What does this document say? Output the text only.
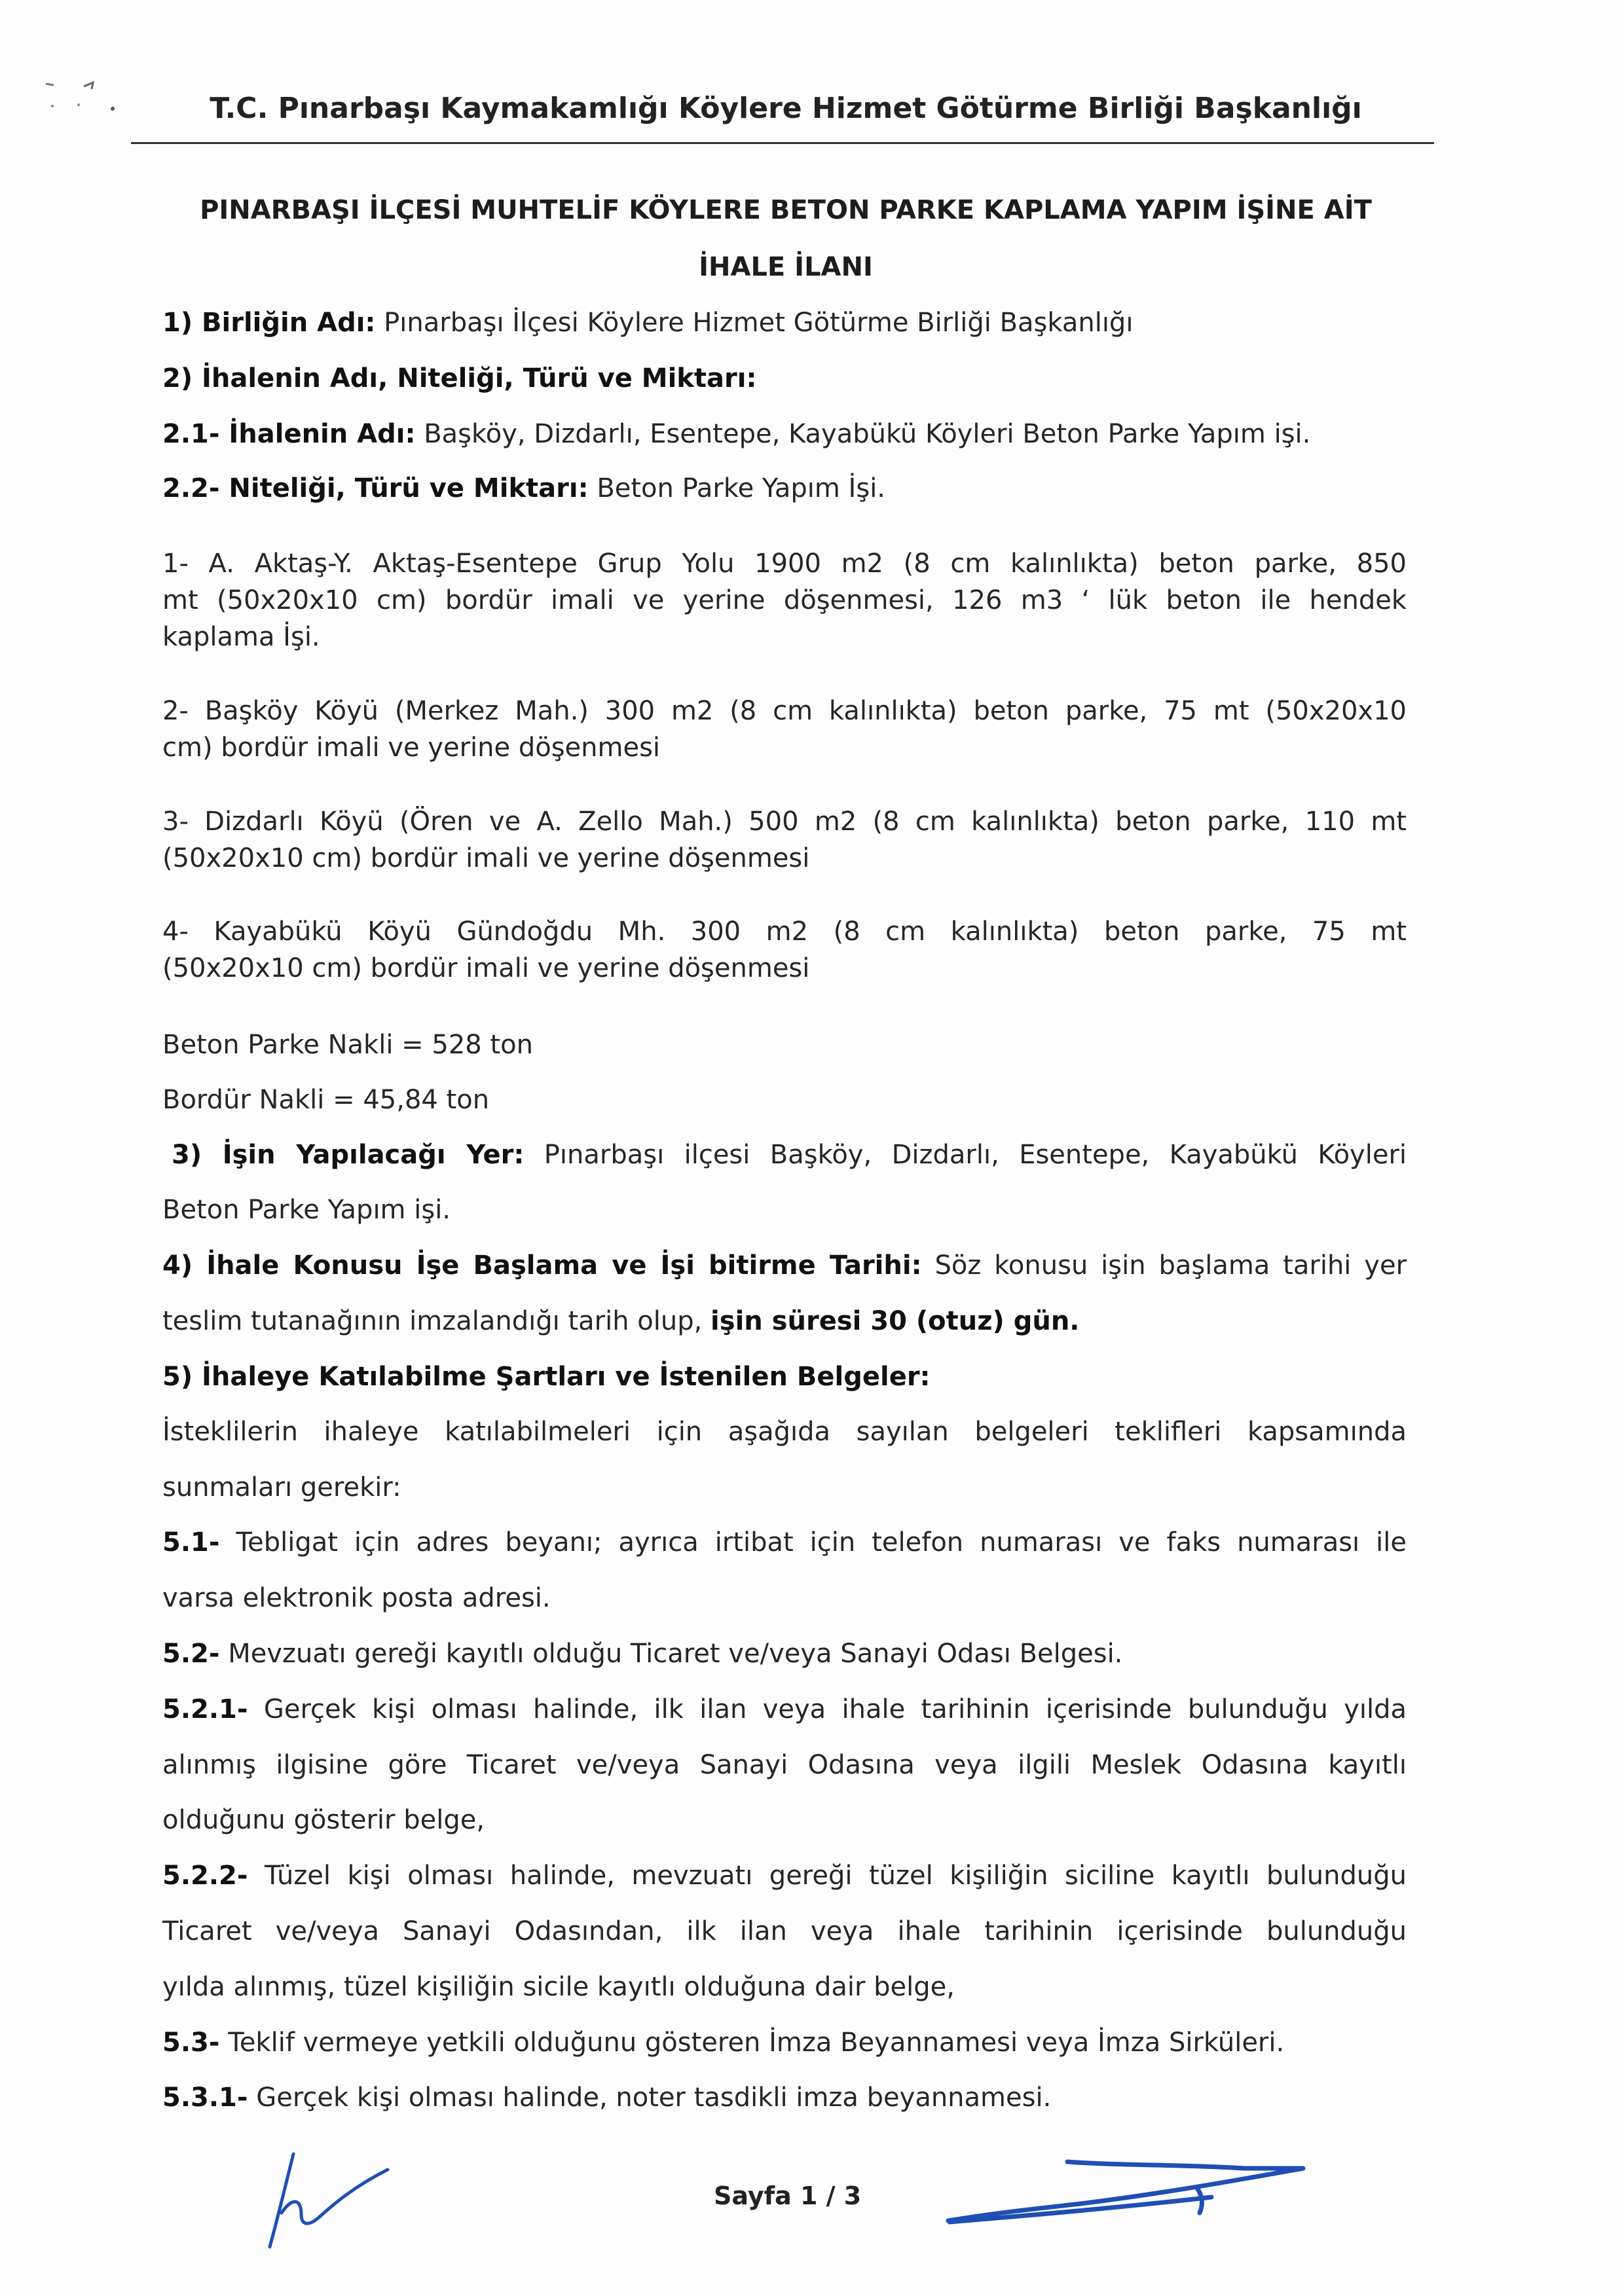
T.C. Pınarbaşı Kaymakamlığı Köylere Hizmet Götürme Birliği Başkanlığı
PINARBAŞI İLÇESİ MUHTELİF KÖYLERE BETON PARKE KAPLAMA YAPIM İŞİNE AİT
İHALE İLANI
1) Birliğin Adı: Pınarbaşı İlçesi Köylere Hizmet Götürme Birliği Başkanlığı
2) İhalenin Adı, Niteliği, Türü ve Miktarı:
2.1- İhalenin Adı: Başköy, Dizdarlı, Esentepe, Kayabükü Köyleri Beton Parke Yapım işi.
2.2- Niteliği, Türü ve Miktarı: Beton Parke Yapım İşi.
1- A. Aktaş-Y. Aktaş-Esentepe Grup Yolu 1900 m2 (8 cm kalınlıkta) beton parke, 850
mt (50x20x10 cm) bordür imali ve yerine döşenmesi, 126 m3 ‘ lük beton ile hendek
kaplama İşi.
2- Başköy Köyü (Merkez Mah.) 300 m2 (8 cm kalınlıkta) beton parke, 75 mt (50x20x10
cm) bordür imali ve yerine döşenmesi
3- Dizdarlı Köyü (Ören ve A. Zello Mah.) 500 m2 (8 cm kalınlıkta) beton parke, 110 mt
(50x20x10 cm) bordür imali ve yerine döşenmesi
4- Kayabükü Köyü Gündoğdu Mh. 300 m2 (8 cm kalınlıkta) beton parke, 75 mt
(50x20x10 cm) bordür imali ve yerine döşenmesi
Beton Parke Nakli = 528 ton
Bordür Nakli = 45,84 ton
3) İşin Yapılacağı Yer: Pınarbaşı ilçesi Başköy, Dizdarlı, Esentepe, Kayabükü Köyleri
Beton Parke Yapım işi.
4) İhale Konusu İşe Başlama ve İşi bitirme Tarihi: Söz konusu işin başlama tarihi yer
teslim tutanağının imzalandığı tarih olup, işin süresi 30 (otuz) gün.
5) İhaleye Katılabilme Şartları ve İstenilen Belgeler:
İsteklilerin ihaleye katılabilmeleri için aşağıda sayılan belgeleri teklifleri kapsamında
sunmaları gerekir:
5.1- Tebligat için adres beyanı; ayrıca irtibat için telefon numarası ve faks numarası ile
varsa elektronik posta adresi.
5.2- Mevzuatı gereği kayıtlı olduğu Ticaret ve/veya Sanayi Odası Belgesi.
5.2.1- Gerçek kişi olması halinde, ilk ilan veya ihale tarihinin içerisinde bulunduğu yılda
alınmış ilgisine göre Ticaret ve/veya Sanayi Odasına veya ilgili Meslek Odasına kayıtlı
olduğunu gösterir belge,
5.2.2- Tüzel kişi olması halinde, mevzuatı gereği tüzel kişiliğin siciline kayıtlı bulunduğu
Ticaret ve/veya Sanayi Odasından, ilk ilan veya ihale tarihinin içerisinde bulunduğu
yılda alınmış, tüzel kişiliğin sicile kayıtlı olduğuna dair belge,
5.3- Teklif vermeye yetkili olduğunu gösteren İmza Beyannamesi veya İmza Sirküleri.
5.3.1- Gerçek kişi olması halinde, noter tasdikli imza beyannamesi.
Sayfa 1 / 3
